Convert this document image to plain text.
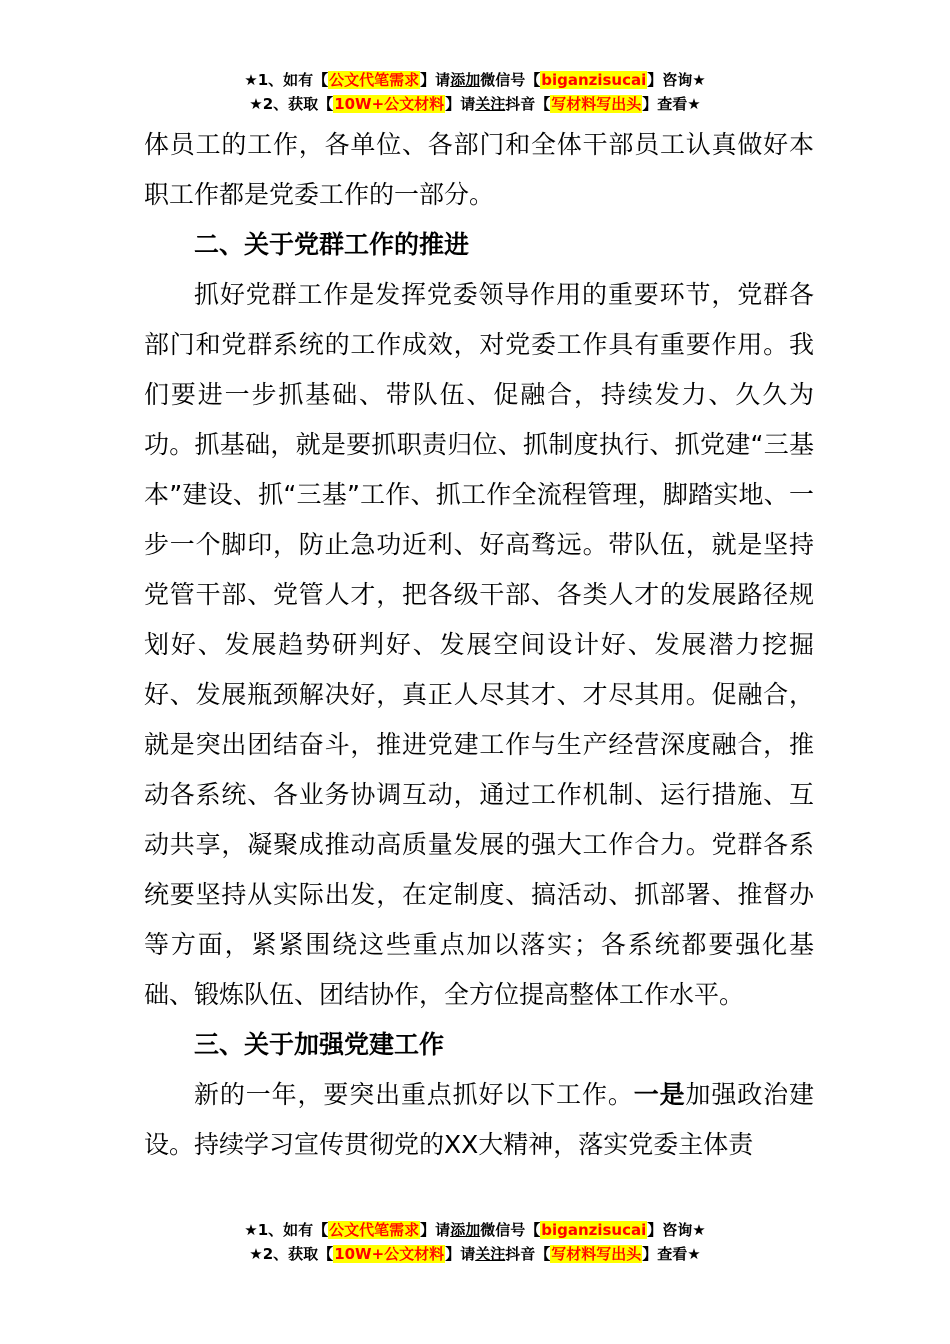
★1、如有【公文代笔需求】请添加微信号【biganzisucai】咨询★
★2、获取【10W+公文材料】请关注抖音【写材料写出头】查看★

体员工的工作，各单位、各部门和全体干部员工认真做好本职工作都是党委工作的一部分。

二、关于党群工作的推进

抓好党群工作是发挥党委领导作用的重要环节，党群各部门和党群系统的工作成效，对党委工作具有重要作用。我们要进一步抓基础、带队伍、促融合，持续发力、久久为功。抓基础，就是要抓职责归位、抓制度执行、抓党建“三基本”建设、抓“三基”工作、抓工作全流程管理，脚踏实地、一步一个脚印，防止急功近利、好高骛远。带队伍，就是坚持党管干部、党管人才，把各级干部、各类人才的发展路径规划好、发展趋势研判好、发展空间设计好、发展潜力挖掘好、发展瓶颈解决好，真正人尽其才、才尽其用。促融合，就是突出团结奋斗，推进党建工作与生产经营深度融合，推动各系统、各业务协调互动，通过工作机制、运行措施、互动共享，凝聚成推动高质量发展的强大工作合力。党群各系统要坚持从实际出发，在定制度、搞活动、抓部署、推督办等方面，紧紧围绕这些重点加以落实；各系统都要强化基础、锻炼队伍、团结协作，全方位提高整体工作水平。

三、关于加强党建工作

新的一年，要突出重点抓好以下工作。一是加强政治建设。持续学习宣传贯彻党的XX大精神，落实党委主体责

★1、如有【公文代笔需求】请添加微信号【biganzisucai】咨询★
★2、获取【10W+公文材料】请关注抖音【写材料写出头】查看★
